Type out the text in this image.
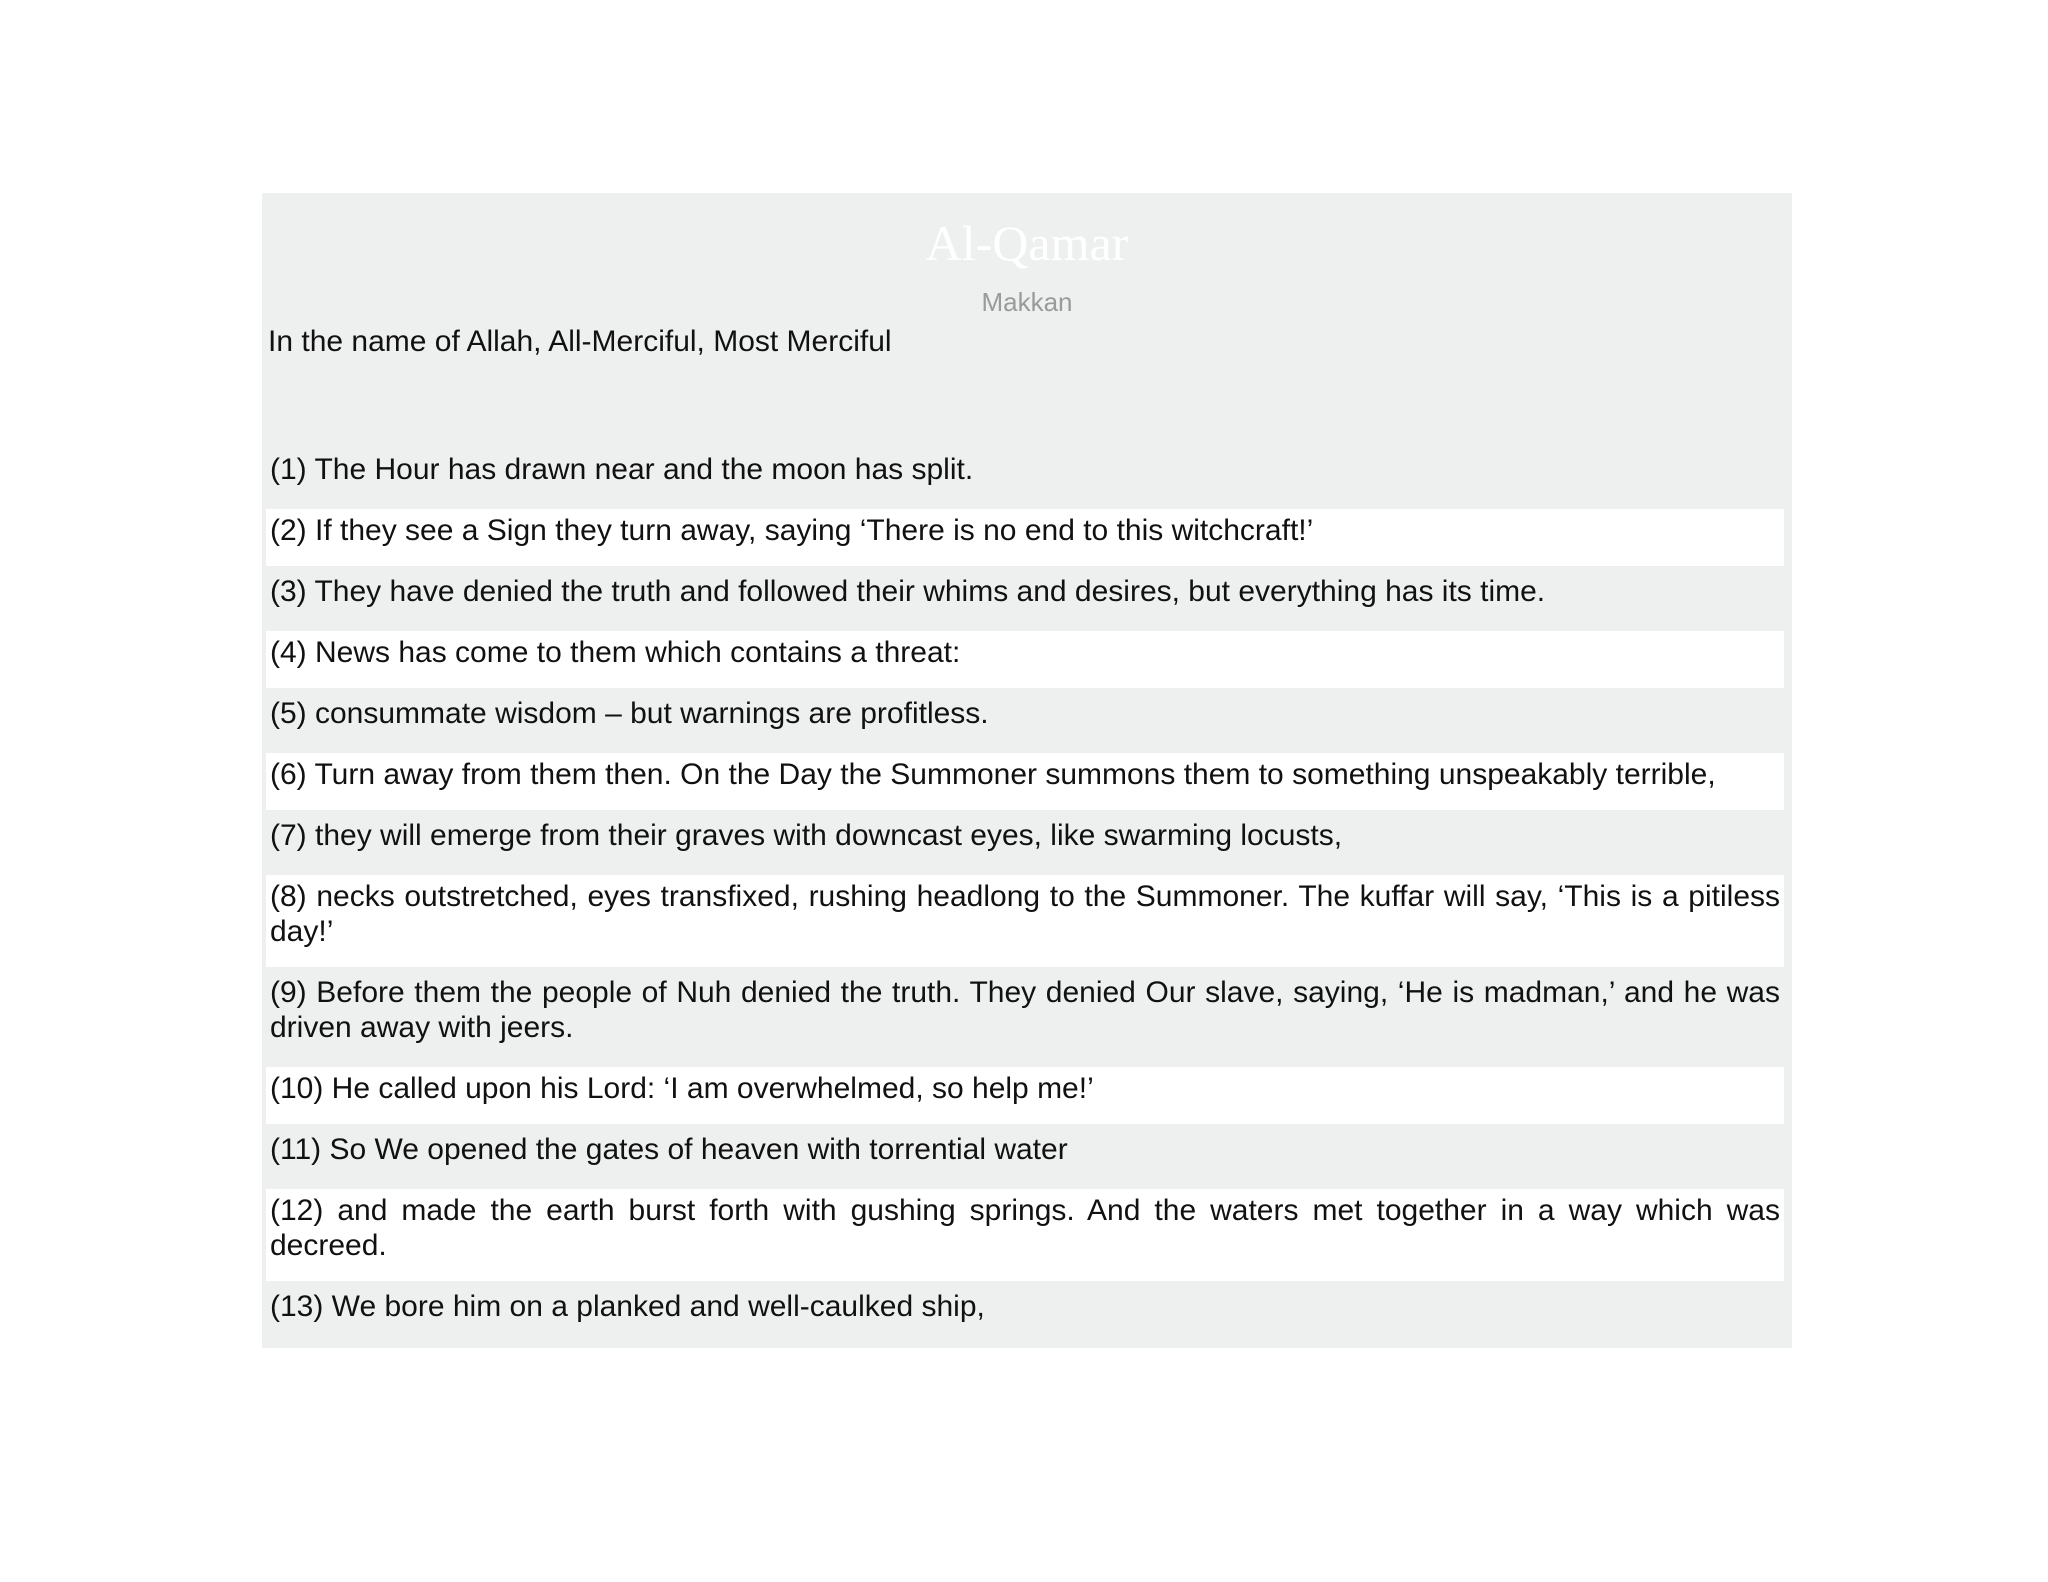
Al-Qamar
Makkan
In the name of Allah, All-Merciful, Most Merciful
(1) The Hour has drawn near and the moon has split.
(2) If they see a Sign they turn away, saying ‘There is no end to this witchcraft!’
(3) They have denied the truth and followed their whims and desires, but everything has its time.
(4) News has come to them which contains a threat:
(5) consummate wisdom – but warnings are profitless.
(6) Turn away from them then. On the Day the Summoner summons them to something unspeakably terrible,
(7) they will emerge from their graves with downcast eyes, like swarming locusts,
(8) necks outstretched, eyes transfixed, rushing headlong to the Summoner. The kuffar will say, ‘This is a pitiless day!’
(9) Before them the people of Nuh denied the truth. They denied Our slave, saying, ‘He is madman,’ and he was driven away with jeers.
(10) He called upon his Lord: ‘I am overwhelmed, so help me!’
(11) So We opened the gates of heaven with torrential water
(12) and made the earth burst forth with gushing springs. And the waters met together in a way which was decreed.
(13) We bore him on a planked and well-caulked ship,
